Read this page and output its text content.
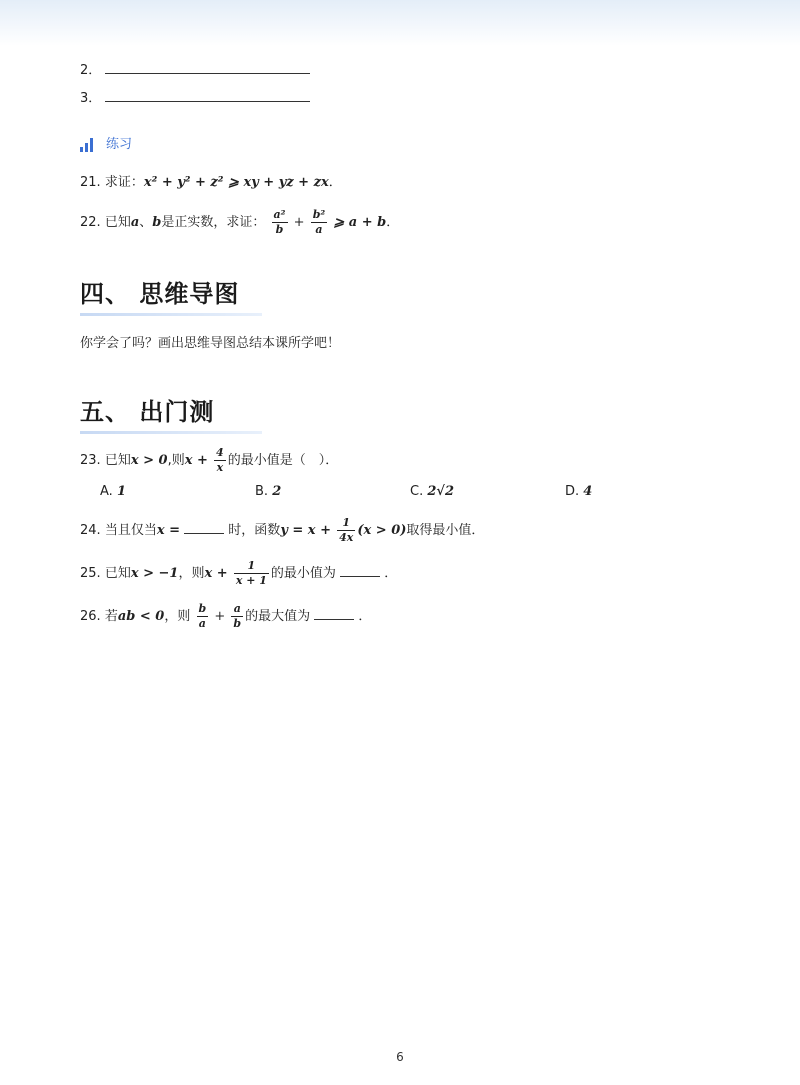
2．
3．
练习
21. 求证：x² + y² + z² ⩾ xy + yz + zx．
22. 已知a、b是正实数，求证： $\frac{\text{a²}}{b} + \frac{\text{b²}}{a}$ ⩾ a + b．
四、 思维导图
你学会了吗？画出思维导图总结本课所学吧！
五、 出门测
23. 已知x > 0,则$x + \frac{4}{x}$ 的最小值是（　）．
A. 1	B. 2	C. 2√2	D. 4
24. 当且仅当x =	时，函数$y = x + \frac{1}{4x} (x > 0)$取得最小值．
25. 已知x > −1，则$x + \frac{1}{x + 1}$ 的最小值为	．
26. 若ab < 0，则 $\frac{b}{a} + \frac{a}{b}$ 的最大值为	．
6
